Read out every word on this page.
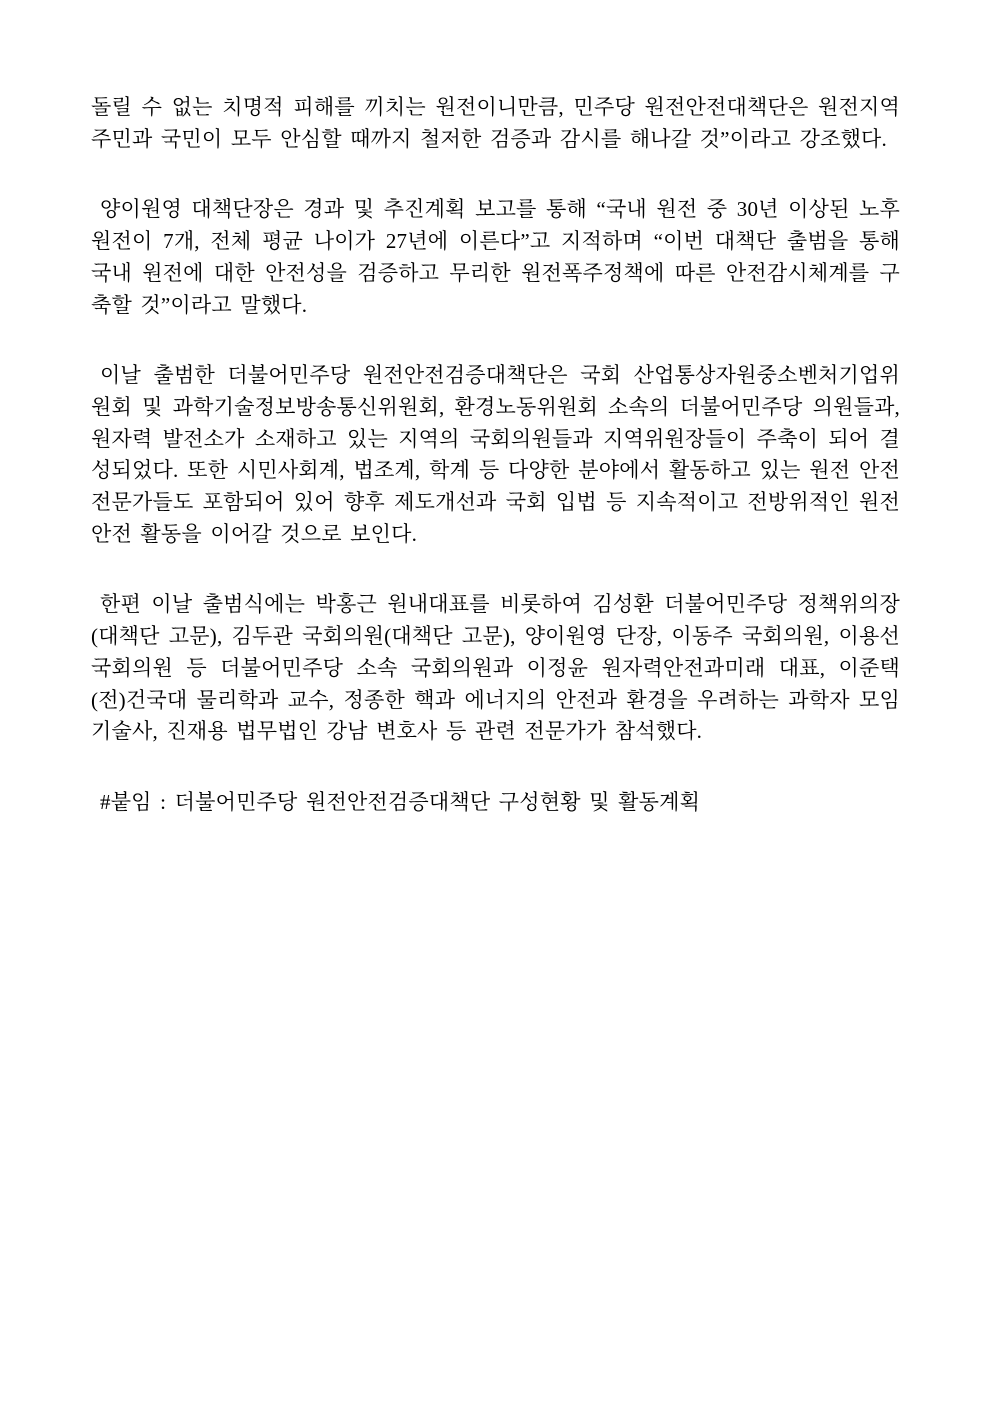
돌릴 수 없는 치명적 피해를 끼치는 원전이니만큼, 민주당 원전안전대책단은 원전지역 주민과 국민이 모두 안심할 때까지 철저한 검증과 감시를 해나갈 것”이라고 강조했다.

양이원영 대책단장은 경과 및 추진계획 보고를 통해 “국내 원전 중 30년 이상된 노후원전이 7개, 전체 평균 나이가 27년에 이른다”고 지적하며 “이번 대책단 출범을 통해 국내 원전에 대한 안전성을 검증하고 무리한 원전폭주정책에 따른 안전감시체계를 구축할 것”이라고 말했다.

이날 출범한 더불어민주당 원전안전검증대책단은 국회 산업통상자원중소벤처기업위원회 및 과학기술정보방송통신위원회, 환경노동위원회 소속의 더불어민주당 의원들과, 원자력 발전소가 소재하고 있는 지역의 국회의원들과 지역위원장들이 주축이 되어 결성되었다. 또한 시민사회계, 법조계, 학계 등 다양한 분야에서 활동하고 있는 원전 안전 전문가들도 포함되어 있어 향후 제도개선과 국회 입법 등 지속적이고 전방위적인 원전안전 활동을 이어갈 것으로 보인다.

한편 이날 출범식에는 박홍근 원내대표를 비롯하여 김성환 더불어민주당 정책위의장(대책단 고문), 김두관 국회의원(대책단 고문), 양이원영 단장, 이동주 국회의원, 이용선 국회의원 등 더불어민주당 소속 국회의원과 이정윤 원자력안전과미래 대표, 이준택 (전)건국대 물리학과 교수, 정종한 핵과 에너지의 안전과 환경을 우려하는 과학자 모임 기술사, 진재용 법무법인 강남 변호사 등 관련 전문가가 참석했다.

#붙임 : 더불어민주당 원전안전검증대책단 구성현황 및 활동계획
